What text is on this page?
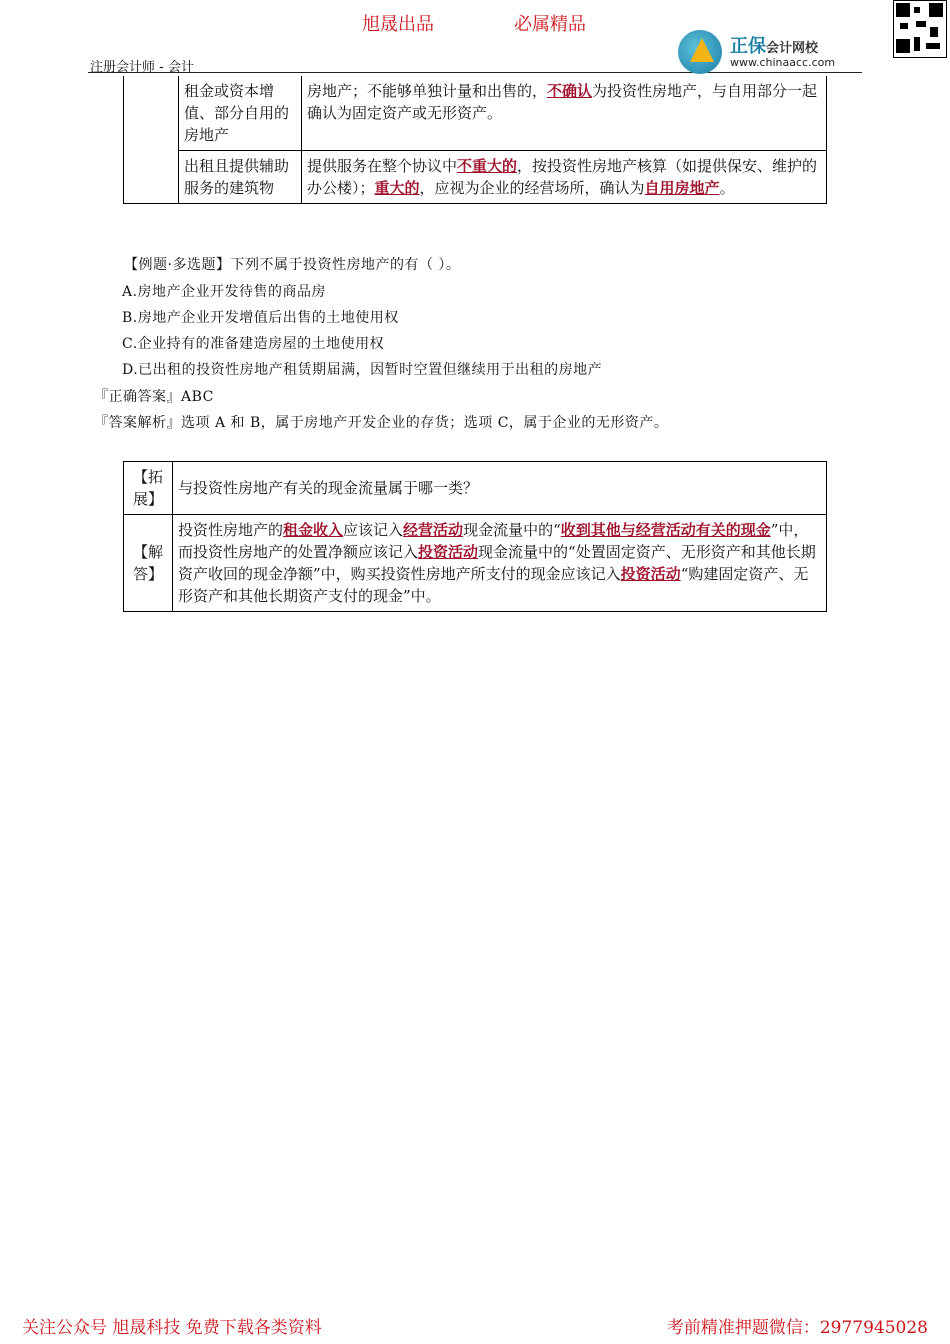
旭晟出品	必属精品
注册会计师 - 会计
正保会计网校
www.chinaacc.com
	租金或资本增值、部分自用的房地产	房地产；不能够单独计量和出售的，不确认为投资性房地产，与自用部分一起确认为固定资产或无形资产。
	出租且提供辅助服务的建筑物	提供服务在整个协议中不重大的，按投资性房地产核算（如提供保安、维护的办公楼）；重大的，应视为企业的经营场所，确认为自用房地产。
【例题·多选题】下列不属于投资性房地产的有（ ）。
A.房地产企业开发待售的商品房
B.房地产企业开发增值后出售的土地使用权
C.企业持有的准备建造房屋的土地使用权
D.已出租的投资性房地产租赁期届满，因暂时空置但继续用于出租的房地产
『正确答案』ABC
『答案解析』选项 A 和 B，属于房地产开发企业的存货；选项 C，属于企业的无形资产。
【拓展】	与投资性房地产有关的现金流量属于哪一类？
【解答】	投资性房地产的租金收入应该记入经营活动现金流量中的“收到其他与经营活动有关的现金”中，而投资性房地产的处置净额应该记入投资活动现金流量中的“处置固定资产、无形资产和其他长期资产收回的现金净额”中，购买投资性房地产所支付的现金应该记入投资活动“购建固定资产、无形资产和其他长期资产支付的现金”中。
关注公众号 旭晟科技 免费下载各类资料	考前精准押题微信：2977945028
